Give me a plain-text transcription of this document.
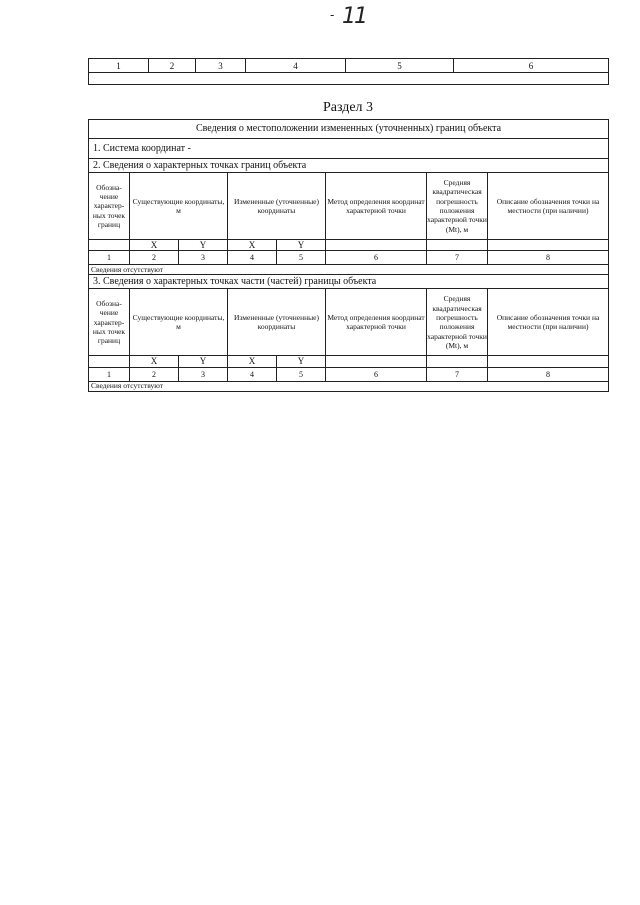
- 11
1	2	3	4	5	6

Раздел 3
Сведения о местоположении измененных (уточненных) границ объекта							
1. Система координат -							
2. Сведения о характерных точках границ объекта							
Обозна-чение характер-ных точек границ	Существующие координаты, м		Измененные (уточненные) координаты		Метод определения координат характерной точки	Средняя квадратическая погрешность положения характерной точки (Мt), м	Описание обозначения точки на местности (при наличии)
	X	Y	X	Y			
1	2	3	4	5	6	7	8
Сведения отсутствуют							
3. Сведения о характерных точках части (частей) границы объекта							
Обозна-чение характер-ных точек границ	Существующие координаты, м		Измененные (уточненные) координаты		Метод определения координат характерной точки	Средняя квадратическая погрешность положения характерной точки (Мt), м	Описание обозначения точки на местности (при наличии)
	X	Y	X	Y			
1	2	3	4	5	6	7	8
Сведения отсутствуют							
